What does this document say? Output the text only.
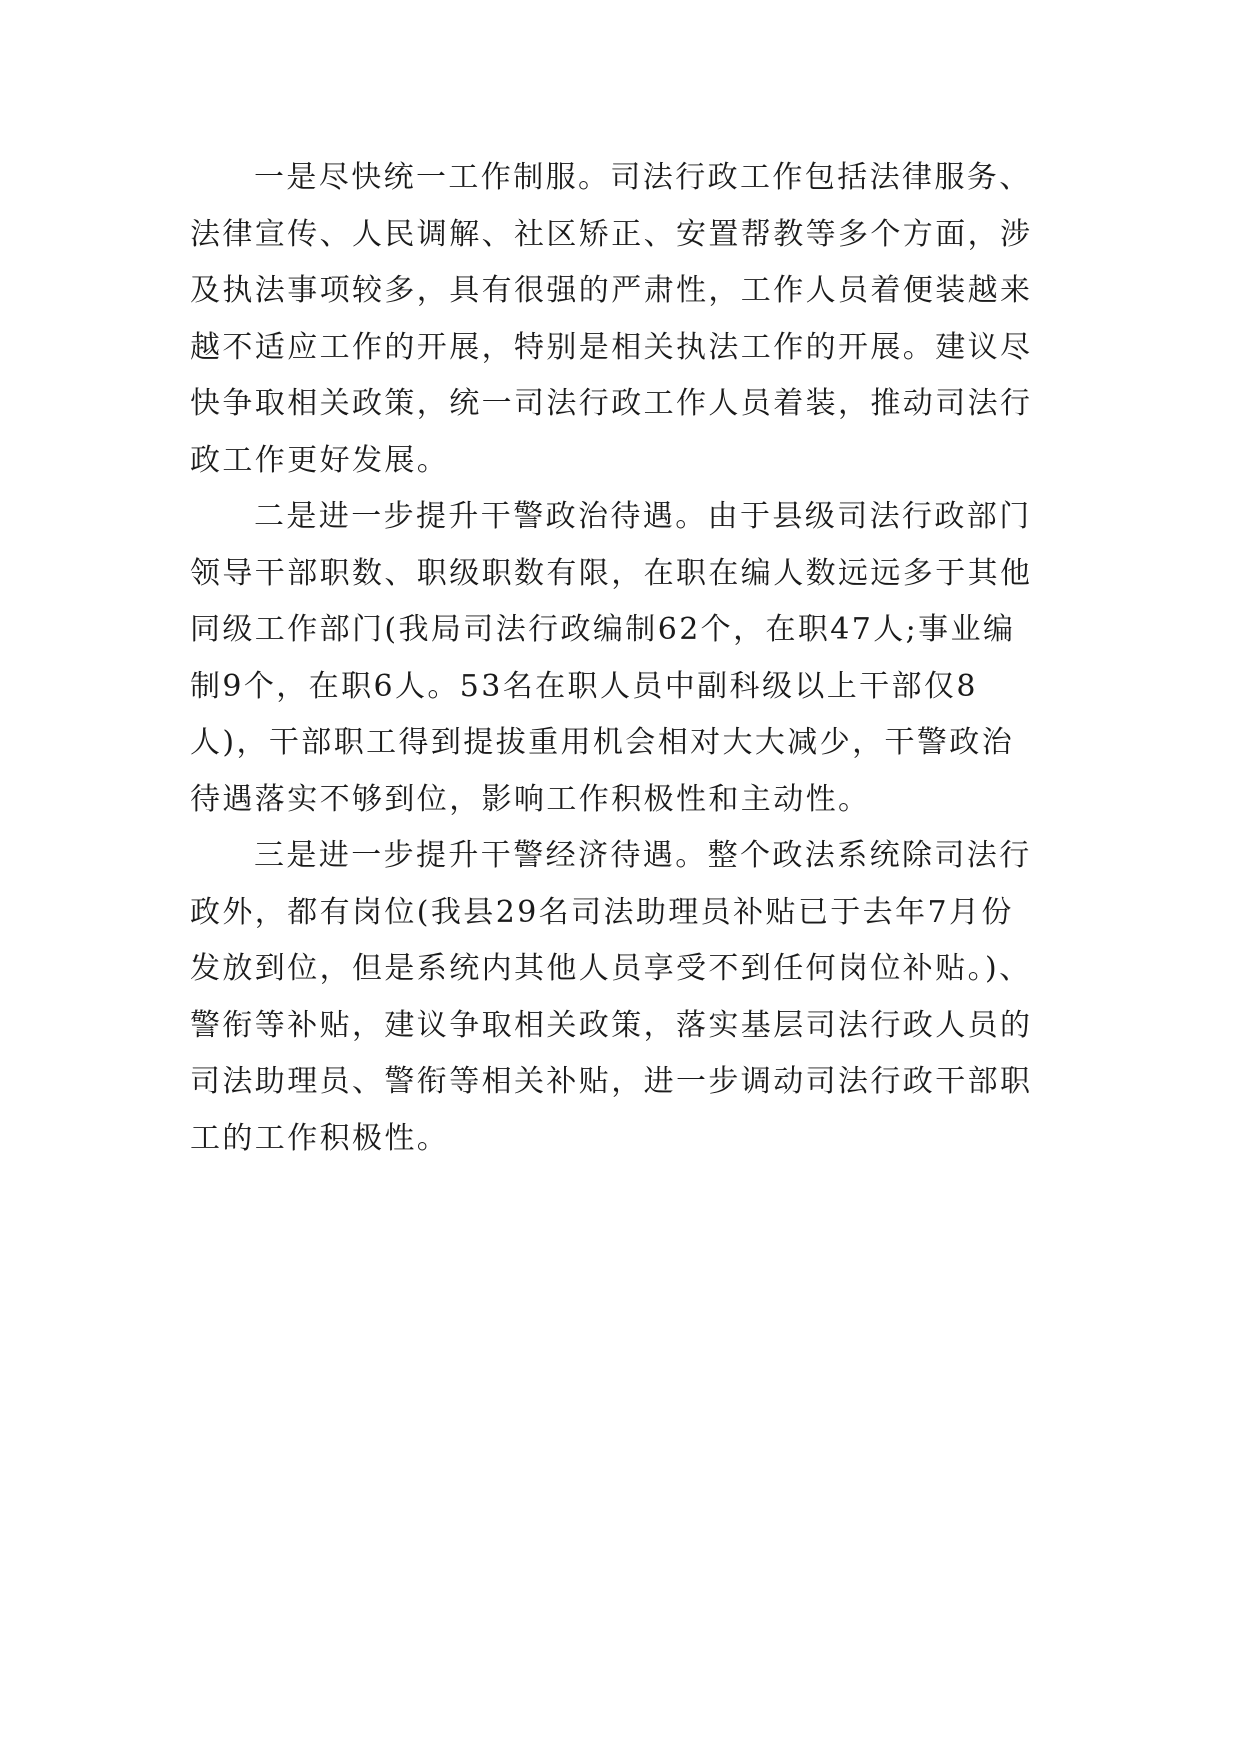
一是尽快统一工作制服。司法行政工作包括法律服务、
法律宣传、人民调解、社区矫正、安置帮教等多个方面，涉
及执法事项较多，具有很强的严肃性，工作人员着便装越来
越不适应工作的开展，特别是相关执法工作的开展。建议尽
快争取相关政策，统一司法行政工作人员着装，推动司法行
政工作更好发展。

二是进一步提升干警政治待遇。由于县级司法行政部门
领导干部职数、职级职数有限，在职在编人数远远多于其他
同级工作部门(我局司法行政编制62个，在职47人;事业编
制9个，在职6人。53名在职人员中副科级以上干部仅8
人)，干部职工得到提拔重用机会相对大大减少，干警政治
待遇落实不够到位，影响工作积极性和主动性。

三是进一步提升干警经济待遇。整个政法系统除司法行
政外，都有岗位(我县29名司法助理员补贴已于去年7月份
发放到位，但是系统内其他人员享受不到任何岗位补贴。)、
警衔等补贴，建议争取相关政策，落实基层司法行政人员的
司法助理员、警衔等相关补贴，进一步调动司法行政干部职
工的工作积极性。
